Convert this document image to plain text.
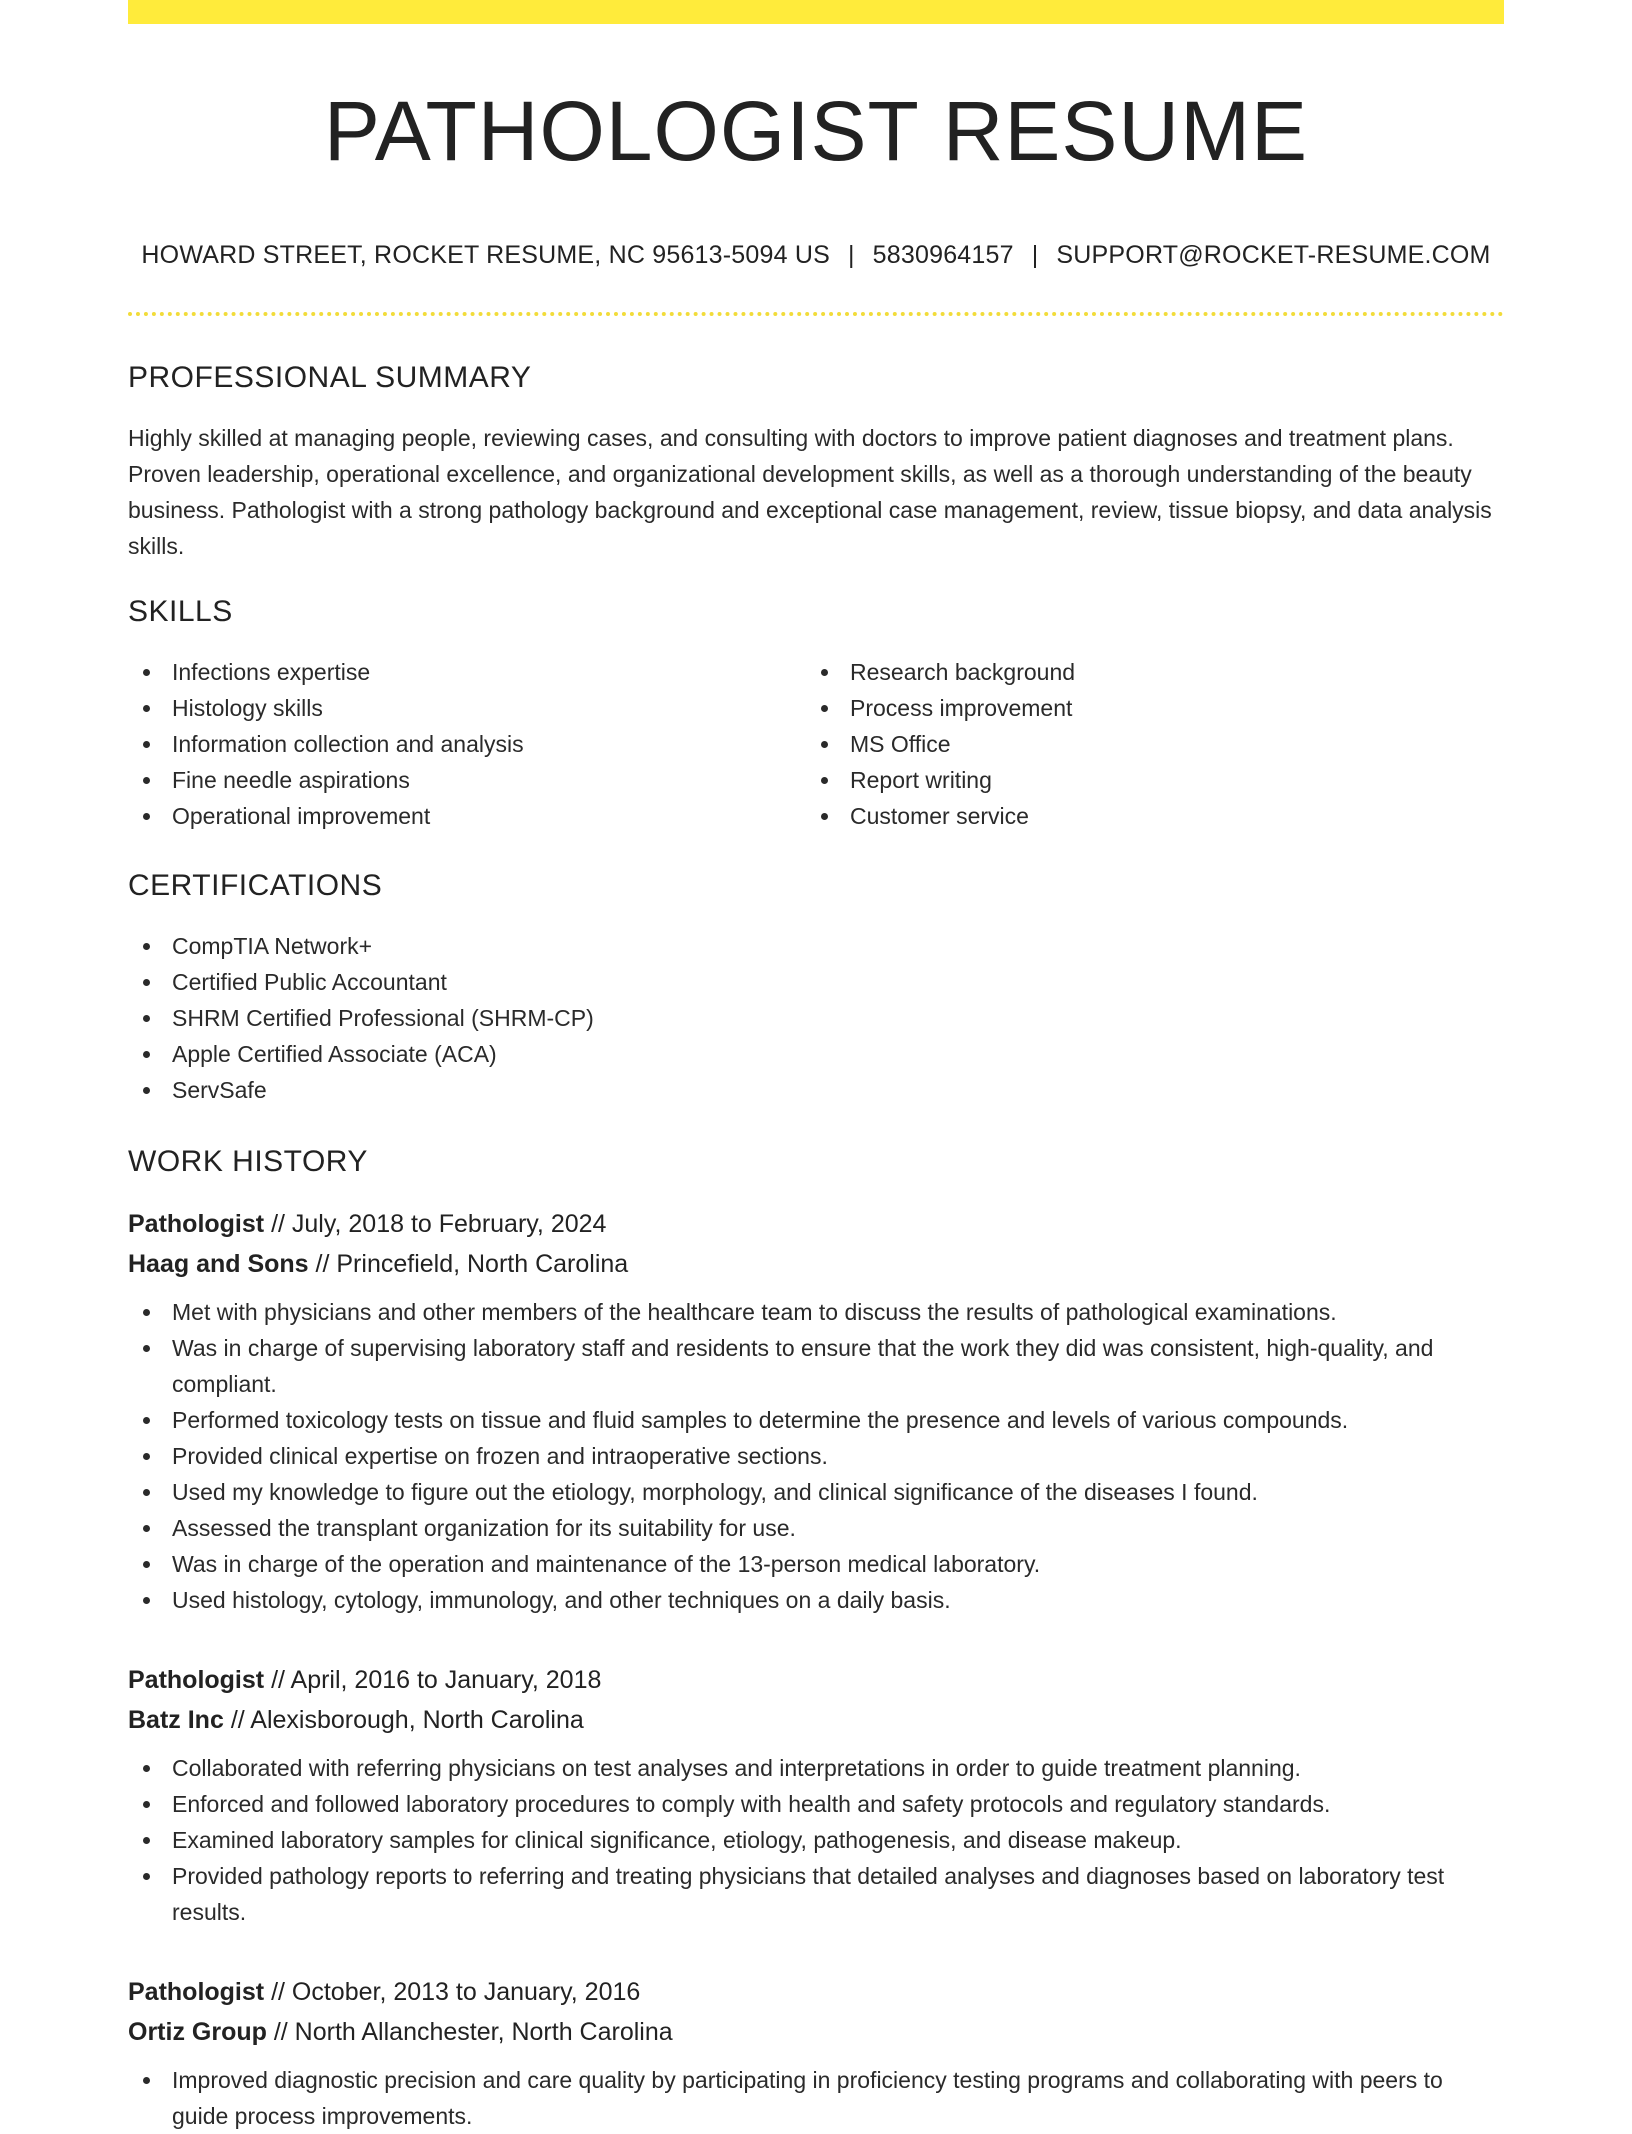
PATHOLOGIST RESUME
HOWARD STREET, ROCKET RESUME, NC 95613-5094 US | 5830964157 | SUPPORT@ROCKET-RESUME.COM
PROFESSIONAL SUMMARY

Highly skilled at managing people, reviewing cases, and consulting with doctors to improve patient diagnoses and treatment plans. Proven leadership, operational excellence, and organizational development skills, as well as a thorough understanding of the beauty business. Pathologist with a strong pathology background and exceptional case management, review, tissue biopsy, and data analysis skills.

SKILLS
Infections expertise
Histology skills
Information collection and analysis
Fine needle aspirations
Operational improvement
Research background
Process improvement
MS Office
Report writing
Customer service
CERTIFICATIONS
CompTIA Network+
Certified Public Accountant
SHRM Certified Professional (SHRM-CP)
Apple Certified Associate (ACA)
ServSafe
WORK HISTORY
Pathologist // July, 2018 to February, 2024
Haag and Sons // Princefield, North Carolina
Met with physicians and other members of the healthcare team to discuss the results of pathological examinations.
Was in charge of supervising laboratory staff and residents to ensure that the work they did was consistent, high-quality, and compliant.
Performed toxicology tests on tissue and fluid samples to determine the presence and levels of various compounds.
Provided clinical expertise on frozen and intraoperative sections.
Used my knowledge to figure out the etiology, morphology, and clinical significance of the diseases I found.
Assessed the transplant organization for its suitability for use.
Was in charge of the operation and maintenance of the 13-person medical laboratory.
Used histology, cytology, immunology, and other techniques on a daily basis.
Pathologist // April, 2016 to January, 2018
Batz Inc // Alexisborough, North Carolina
Collaborated with referring physicians on test analyses and interpretations in order to guide treatment planning.
Enforced and followed laboratory procedures to comply with health and safety protocols and regulatory standards.
Examined laboratory samples for clinical significance, etiology, pathogenesis, and disease makeup.
Provided pathology reports to referring and treating physicians that detailed analyses and diagnoses based on laboratory test results.
Pathologist // October, 2013 to January, 2016
Ortiz Group // North Allanchester, North Carolina
Improved diagnostic precision and care quality by participating in proficiency testing programs and collaborating with peers to guide process improvements.
